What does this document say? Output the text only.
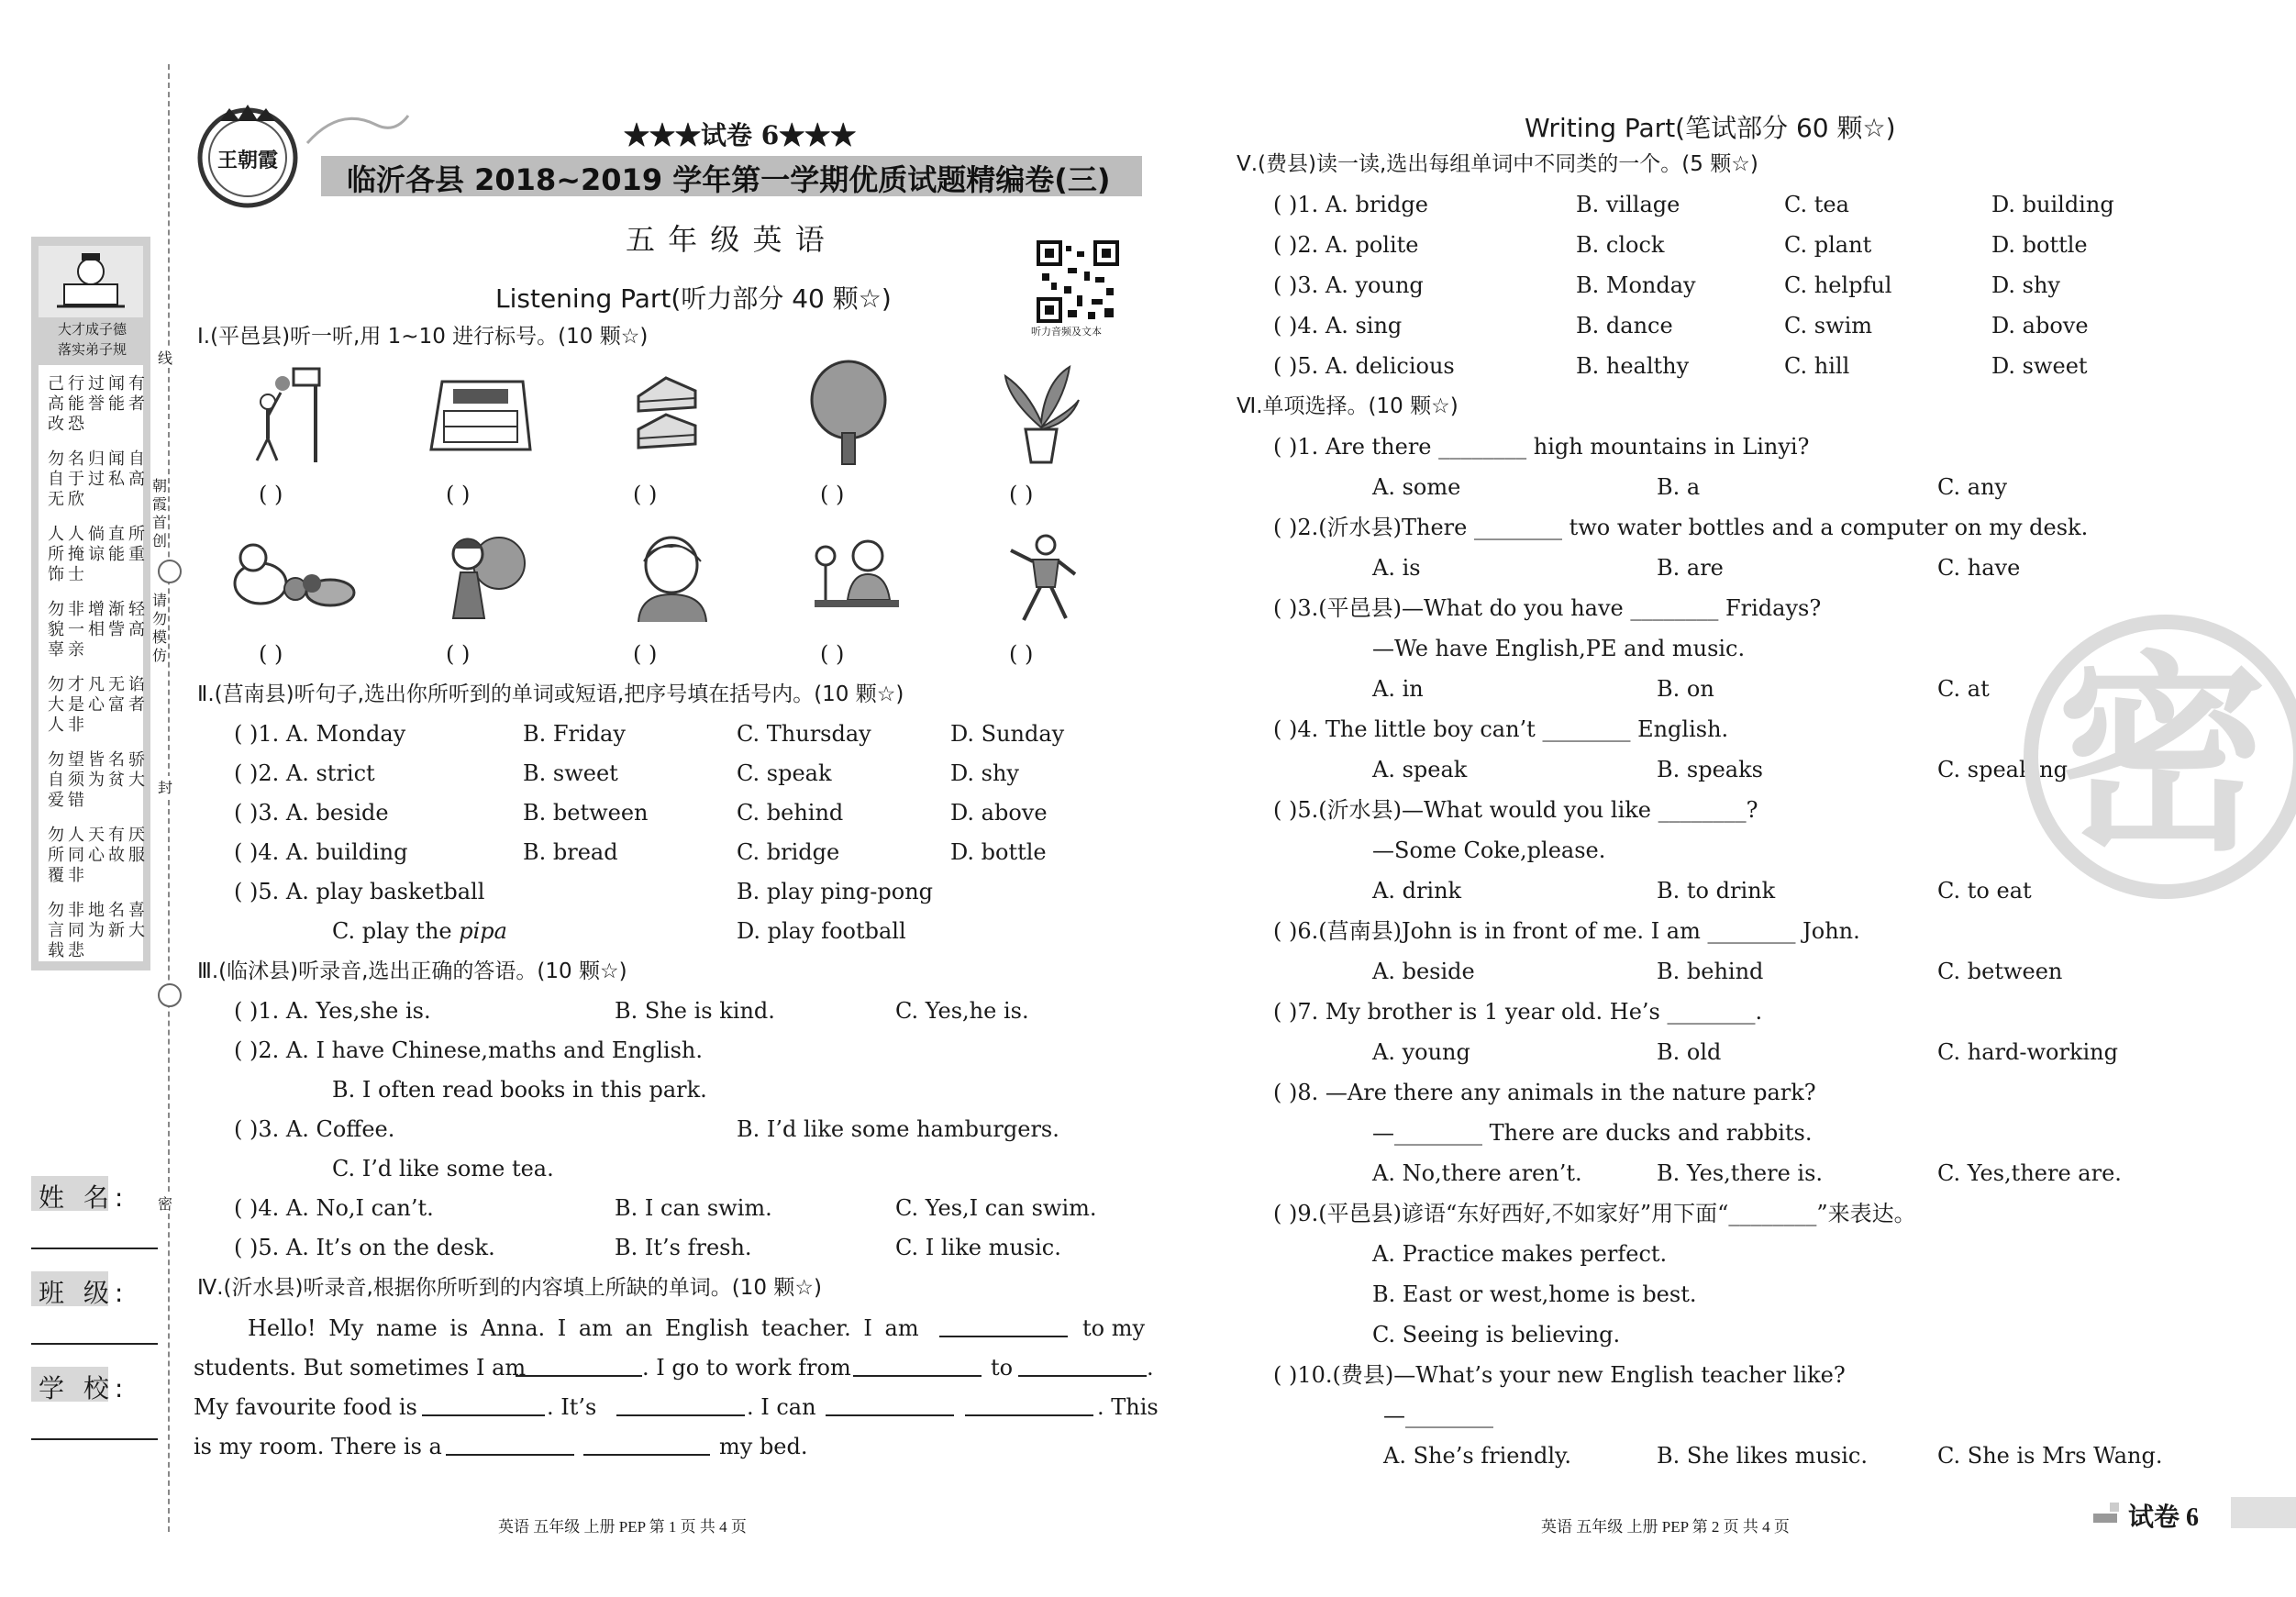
大才成子德
落实弟子规
己行过闻有高能誉能者改恐
勿名归闻自自于过私高无欣
人人倘直所所掩谅能重饰士
勿非增渐轻貌一相訾高辜亲
勿才凡无谄大是心富者人非
勿望皆名骄自须为贫大爱错
勿人天有厌所同心故服覆非
勿非地名喜言同为新大载悲
线
朝霞首创
请勿模仿
封
密
姓 名:
班 级:
学 校:
王朝霞
★★★试卷 6★★★
临沂各县 2018~2019 学年第一学期优质试题精编卷(三)
五 年 级 英 语
听力音频及文本
Listening Part(听力部分 40 颗☆)
Ⅰ.(平邑县)听一听,用 1~10 进行标号。(10 颗☆)
( )	( )	( )	( )	( )
( )	( )	( )	( )	( )
Ⅱ.(莒南县)听句子,选出你所听到的单词或短语,把序号填在括号内。(10 颗☆)
( )1. A. Monday	B. Friday	C. Thursday	D. Sunday
( )2. A. strict	B. sweet	C. speak	D. shy
( )3. A. beside	B. between	C. behind	D. above
( )4. A. building	B. bread	C. bridge	D. bottle
( )5. A. play basketball	B. play ping-pong
C. play the pipa	D. play football
Ⅲ.(临沭县)听录音,选出正确的答语。(10 颗☆)
( )1. A. Yes,she is.	B. She is kind.	C. Yes,he is.
( )2. A. I have Chinese,maths and English.
B. I often read books in this park.
( )3. A. Coffee.	B. I’d like some hamburgers.
C. I’d like some tea.
( )4. A. No,I can’t.	B. I can swim.	C. Yes,I can swim.
( )5. A. It’s on the desk.	B. It’s fresh.	C. I like music.
Ⅳ.(沂水县)听录音,根据你所听到的内容填上所缺的单词。(10 颗☆)
Hello! My name is Anna. I am an English teacher. I am	to my
students. But sometimes I am	. I go to work from	to	.
My favourite food is	. It’s	. I can	. This
is my room. There is a	my bed.
英语 五年级 上册 PEP 第 1 页 共 4 页
Writing Part(笔试部分 60 颗☆)
Ⅴ.(费县)读一读,选出每组单词中不同类的一个。(5 颗☆)
( )1. A. bridge	B. village	C. tea	D. building
( )2. A. polite	B. clock	C. plant	D. bottle
( )3. A. young	B. Monday	C. helpful	D. shy
( )4. A. sing	B. dance	C. swim	D. above
( )5. A. delicious	B. healthy	C. hill	D. sweet
Ⅵ.单项选择。(10 颗☆)
( )1. Are there ________ high mountains in Linyi?
A. some	B. a	C. any
( )2.(沂水县)There ________ two water bottles and a computer on my desk.
A. is	B. are	C. have
( )3.(平邑县)—What do you have ________ Fridays?
—We have English,PE and music.
A. in	B. on	C. at
( )4. The little boy can’t ________ English.
A. speak	B. speaks	C. speaking
( )5.(沂水县)—What would you like ________?
—Some Coke,please.
A. drink	B. to drink	C. to eat
( )6.(莒南县)John is in front of me. I am ________ John.
A. beside	B. behind	C. between
( )7. My brother is 1 year old. He’s ________.
A. young	B. old	C. hard-working
( )8. —Are there any animals in the nature park?
—________ There are ducks and rabbits.
A. No,there aren’t.	B. Yes,there is.	C. Yes,there are.
( )9.(平邑县)谚语“东好西好,不如家好”用下面“________”来表达。
A. Practice makes perfect.
B. East or west,home is best.
C. Seeing is believing.
( )10.(费县)—What’s your new English teacher like?
—________
A. She’s friendly.	B. She likes music.	C. She is Mrs Wang.
密
英语 五年级 上册 PEP 第 2 页 共 4 页	试卷 6
